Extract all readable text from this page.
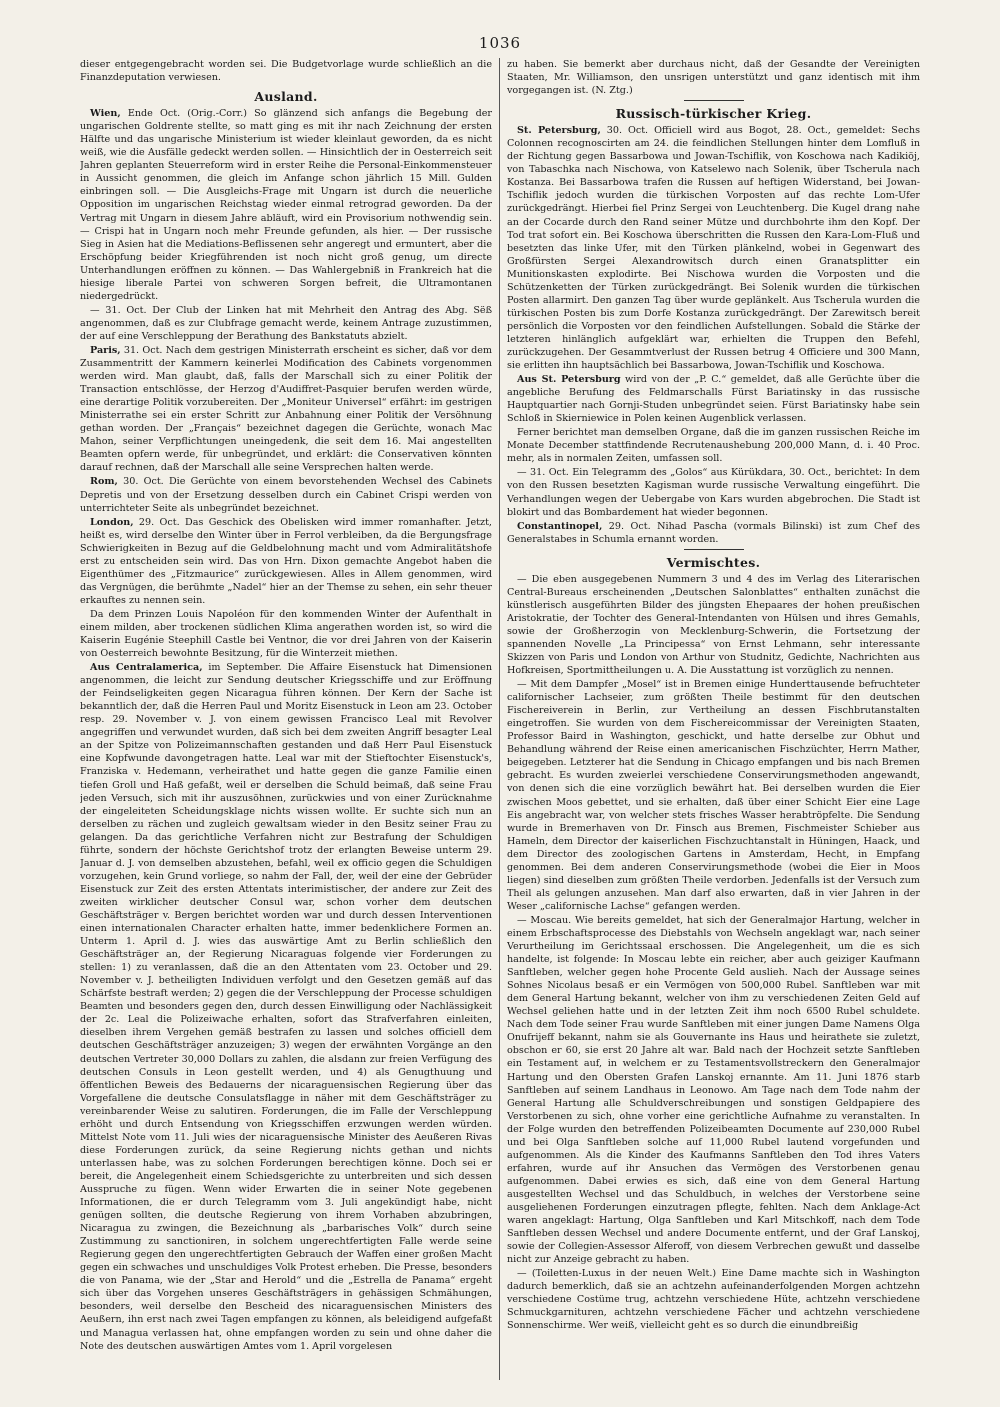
1036

dieser entgegengebracht worden sei. Die Budgetvorlage wurde schließlich an die Finanzdeputation verwiesen.

Ausland.

Wien, Ende Oct. (Orig.-Corr.) So glänzend sich anfangs die Begebung der ungarischen Goldrente stellte, so matt ging es mit ihr nach Zeichnung der ersten Hälfte und das ungarische Ministerium ist wieder kleinlaut geworden, da es nicht weiß, wie die Ausfälle gedeckt werden sollen. — Hinsichtlich der in Oesterreich seit Jahren geplanten Steuerreform wird in erster Reihe die Personal-Einkommensteuer in Aussicht genommen, die gleich im Anfange schon jährlich 15 Mill. Gulden einbringen soll. — Die Ausgleichs-Frage mit Ungarn ist durch die neuerliche Opposition im ungarischen Reichstag wieder einmal retrograd geworden. Da der Vertrag mit Ungarn in diesem Jahre abläuft, wird ein Provisorium nothwendig sein. — Crispi hat in Ungarn noch mehr Freunde gefunden, als hier. — Der russische Sieg in Asien hat die Mediations-Beflissenen sehr angeregt und ermuntert, aber die Erschöpfung beider Kriegführenden ist noch nicht groß genug, um directe Unterhandlungen eröffnen zu können. — Das Wahlergebniß in Frankreich hat die hiesige liberale Partei von schweren Sorgen befreit, die Ultramontanen niedergedrückt.

— 31. Oct. Der Club der Linken hat mit Mehrheit den Antrag des Abg. Sëß angenommen, daß es zur Clubfrage gemacht werde, keinem Antrage zuzustimmen, der auf eine Verschleppung der Berathung des Bankstatuts abzielt.

Paris, 31. Oct. Nach dem gestrigen Ministerrath erscheint es sicher, daß vor dem Zusammentritt der Kammern keinerlei Modification des Cabinets vorgenommen werden wird. Man glaubt, daß, falls der Marschall sich zu einer Politik der Transaction entschlösse, der Herzog d'Audiffret-Pasquier berufen werden würde, eine derartige Politik vorzubereiten. Der „Moniteur Universel“ erfährt: im gestrigen Ministerrathe sei ein erster Schritt zur Anbahnung einer Politik der Versöhnung gethan worden. Der „Français“ bezeichnet dagegen die Gerüchte, wonach Mac Mahon, seiner Verpflichtungen uneingedenk, die seit dem 16. Mai angestellten Beamten opfern werde, für unbegründet, und erklärt: die Conservativen könnten darauf rechnen, daß der Marschall alle seine Versprechen halten werde.

Rom, 30. Oct. Die Gerüchte von einem bevorstehenden Wechsel des Cabinets Depretis und von der Ersetzung desselben durch ein Cabinet Crispi werden von unterrichteter Seite als unbegründet bezeichnet.

London, 29. Oct. Das Geschick des Obelisken wird immer romanhafter. Jetzt, heißt es, wird derselbe den Winter über in Ferrol verbleiben, da die Bergungsfrage Schwierigkeiten in Bezug auf die Geldbelohnung macht und vom Admiralitätshofe erst zu entscheiden sein wird. Das von Hrn. Dixon gemachte Angebot haben die Eigenthümer des „Fitzmaurice“ zurückgewiesen. Alles in Allem genommen, wird das Vergnügen, die berühmte „Nadel“ hier an der Themse zu sehen, ein sehr theuer erkauftes zu nennen sein.

Da dem Prinzen Louis Napoléon für den kommenden Winter der Aufenthalt in einem milden, aber trockenen südlichen Klima angerathen worden ist, so wird die Kaiserin Eugénie Steephill Castle bei Ventnor, die vor drei Jahren von der Kaiserin von Oesterreich bewohnte Besitzung, für die Winterzeit miethen.

Aus Centralamerica, im September. Die Affaire Eisenstuck hat Dimensionen angenommen, die leicht zur Sendung deutscher Kriegsschiffe und zur Eröffnung der Feindseligkeiten gegen Nicaragua führen können. Der Kern der Sache ist bekanntlich der, daß die Herren Paul und Moritz Eisenstuck in Leon am 23. October resp. 29. November v. J. von einem gewissen Francisco Leal mit Revolver angegriffen und verwundet wurden, daß sich bei dem zweiten Angriff besagter Leal an der Spitze von Polizeimannschaften gestanden und daß Herr Paul Eisenstuck eine Kopfwunde davongetragen hatte. Leal war mit der Stieftochter Eisenstuck's, Franziska v. Hedemann, verheirathet und hatte gegen die ganze Familie einen tiefen Groll und Haß gefaßt, weil er derselben die Schuld beimaß, daß seine Frau jeden Versuch, sich mit ihr auszusöhnen, zurückwies und von einer Zurücknahme der eingeleiteten Scheidungsklage nichts wissen wollte. Er suchte sich nun an derselben zu rächen und zugleich gewaltsam wieder in den Besitz seiner Frau zu gelangen. Da das gerichtliche Verfahren nicht zur Bestrafung der Schuldigen führte, sondern der höchste Gerichtshof trotz der erlangten Beweise unterm 29. Januar d. J. von demselben abzustehen, befahl, weil ex officio gegen die Schuldigen vorzugehen, kein Grund vorliege, so nahm der Fall, der, weil der eine der Gebrüder Eisenstuck zur Zeit des ersten Attentats interimistischer, der andere zur Zeit des zweiten wirklicher deutscher Consul war, schon vorher dem deutschen Geschäftsträger v. Bergen berichtet worden war und durch dessen Interventionen einen internationalen Character erhalten hatte, immer bedenklichere Formen an. Unterm 1. April d. J. wies das auswärtige Amt zu Berlin schließlich den Geschäftsträger an, der Regierung Nicaraguas folgende vier Forderungen zu stellen: 1) zu veranlassen, daß die an den Attentaten vom 23. October und 29. November v. J. betheiligten Individuen verfolgt und den Gesetzen gemäß auf das Schärfste bestraft werden; 2) gegen die der Verschleppung der Processe schuldigen Beamten und besonders gegen den, durch dessen Einwilligung oder Nachlässigkeit der 2c. Leal die Polizeiwache erhalten, sofort das Strafverfahren einleiten, dieselben ihrem Vergehen gemäß bestrafen zu lassen und solches officiell dem deutschen Geschäftsträger anzuzeigen; 3) wegen der erwähnten Vorgänge an den deutschen Vertreter 30,000 Dollars zu zahlen, die alsdann zur freien Verfügung des deutschen Consuls in Leon gestellt werden, und 4) als Genugthuung und öffentlichen Beweis des Bedauerns der nicaraguensischen Regierung über das Vorgefallene die deutsche Consulatsflagge in näher mit dem Geschäftsträger zu vereinbarender Weise zu salutiren. Forderungen, die im Falle der Verschleppung erhöht und durch Entsendung von Kriegsschiffen erzwungen werden würden. Mittelst Note vom 11. Juli wies der nicaraguensische Minister des Aeußeren Rivas diese Forderungen zurück, da seine Regierung nichts gethan und nichts unterlassen habe, was zu solchen Forderungen berechtigen könne. Doch sei er bereit, die Angelegenheit einem Schiedsgerichte zu unterbreiten und sich dessen Ausspruche zu fügen. Wenn wider Erwarten die in seiner Note gegebenen Informationen, die er durch Telegramm vom 3. Juli angekündigt habe, nicht genügen sollten, die deutsche Regierung von ihrem Vorhaben abzubringen, Nicaragua zu zwingen, die Bezeichnung als „barbarisches Volk“ durch seine Zustimmung zu sanctioniren, in solchem ungerechtfertigten Falle werde seine Regierung gegen den ungerechtfertigten Gebrauch der Waffen einer großen Macht gegen ein schwaches und unschuldiges Volk Protest erheben. Die Presse, besonders die von Panama, wie der „Star and Herold“ und die „Estrella de Panama“ ergeht sich über das Vorgehen unseres Geschäftsträgers in gehässigen Schmähungen, besonders, weil derselbe den Bescheid des nicaraguensischen Ministers des Aeußern, ihn erst nach zwei Tagen empfangen zu können, als beleidigend aufgefaßt und Managua verlassen hat, ohne empfangen worden zu sein und ohne daher die Note des deutschen auswärtigen Amtes vom 1. April vorgelesen

zu haben. Sie bemerkt aber durchaus nicht, daß der Gesandte der Vereinigten Staaten, Mr. Williamson, den unsrigen unterstützt und ganz identisch mit ihm vorgegangen ist. (N. Ztg.)

Russisch-türkischer Krieg.

St. Petersburg, 30. Oct. Officiell wird aus Bogot, 28. Oct., gemeldet: Sechs Colonnen recognoscirten am 24. die feindlichen Stellungen hinter dem Lomfluß in der Richtung gegen Bassarbowa und Jowan-Tschiflik, von Koschowa nach Kadikiöj, von Tabaschka nach Nischowa, von Katselewo nach Solenik, über Tscherula nach Kostanza. Bei Bassarbowa trafen die Russen auf heftigen Widerstand, bei Jowan-Tschiflik jedoch wurden die türkischen Vorposten auf das rechte Lom-Ufer zurückgedrängt. Hierbei fiel Prinz Sergei von Leuchtenberg. Die Kugel drang nahe an der Cocarde durch den Rand seiner Mütze und durchbohrte ihm den Kopf. Der Tod trat sofort ein. Bei Koschowa überschritten die Russen den Kara-Lom-Fluß und besetzten das linke Ufer, mit den Türken plänkelnd, wobei in Gegenwart des Großfürsten Sergei Alexandrowitsch durch einen Granatsplitter ein Munitionskasten explodirte. Bei Nischowa wurden die Vorposten und die Schützenketten der Türken zurückgedrängt. Bei Solenik wurden die türkischen Posten allarmirt. Den ganzen Tag über wurde geplänkelt. Aus Tscherula wurden die türkischen Posten bis zum Dorfe Kostanza zurückgedrängt. Der Zarewitsch bereit persönlich die Vorposten vor den feindlichen Aufstellungen. Sobald die Stärke der letzteren hinlänglich aufgeklärt war, erhielten die Truppen den Befehl, zurückzugehen. Der Gesammtverlust der Russen betrug 4 Officiere und 300 Mann, sie erlitten ihn hauptsächlich bei Bassarbowa, Jowan-Tschiflik und Koschowa.

Aus St. Petersburg wird von der „P. C.“ gemeldet, daß alle Gerüchte über die angebliche Berufung des Feldmarschalls Fürst Bariatinsky in das russische Hauptquartier nach Gornji-Studen unbegründet seien. Fürst Bariatinsky habe sein Schloß in Skierniewice in Polen keinen Augenblick verlassen.

Ferner berichtet man demselben Organe, daß die im ganzen russischen Reiche im Monate December stattfindende Recrutenaushebung 200,000 Mann, d. i. 40 Proc. mehr, als in normalen Zeiten, umfassen soll.

— 31. Oct. Ein Telegramm des „Golos“ aus Kürükdara, 30. Oct., berichtet: In dem von den Russen besetzten Kagisman wurde russische Verwaltung eingeführt. Die Verhandlungen wegen der Uebergabe von Kars wurden abgebrochen. Die Stadt ist blokirt und das Bombardement hat wieder begonnen.

Constantinopel, 29. Oct. Nihad Pascha (vormals Bilinski) ist zum Chef des Generalstabes in Schumla ernannt worden.

Vermischtes.

— Die eben ausgegebenen Nummern 3 und 4 des im Verlag des Literarischen Central-Bureaus erscheinenden „Deutschen Salonblattes“ enthalten zunächst die künstlerisch ausgeführten Bilder des jüngsten Ehepaares der hohen preußischen Aristokratie, der Tochter des General-Intendanten von Hülsen und ihres Gemahls, sowie der Großherzogin von Mecklenburg-Schwerin, die Fortsetzung der spannenden Novelle „La Principessa“ von Ernst Lehmann, sehr interessante Skizzen von Paris und London von Arthur von Studnitz, Gedichte, Nachrichten aus Hofkreisen, Sportmittheilungen u. A. Die Ausstattung ist vorzüglich zu nennen.

— Mit dem Dampfer „Mosel“ ist in Bremen einige Hunderttausende befruchteter californischer Lachseier, zum größten Theile bestimmt für den deutschen Fischereiverein in Berlin, zur Vertheilung an dessen Fischbrutanstalten eingetroffen. Sie wurden von dem Fischereicommissar der Vereinigten Staaten, Professor Baird in Washington, geschickt, und hatte derselbe zur Obhut und Behandlung während der Reise einen americanischen Fischzüchter, Herrn Mather, beigegeben. Letzterer hat die Sendung in Chicago empfangen und bis nach Bremen gebracht. Es wurden zweierlei verschiedene Conservirungsmethoden angewandt, von denen sich die eine vorzüglich bewährt hat. Bei derselben wurden die Eier zwischen Moos gebettet, und sie erhalten, daß über einer Schicht Eier eine Lage Eis angebracht war, von welcher stets frisches Wasser herabtröpfelte. Die Sendung wurde in Bremerhaven von Dr. Finsch aus Bremen, Fischmeister Schieber aus Hameln, dem Director der kaiserlichen Fischzuchtanstalt in Hüningen, Haack, und dem Director des zoologischen Gartens in Amsterdam, Hecht, in Empfang genommen. Bei dem anderen Conservirungsmethode (wobei die Eier in Moos liegen) sind dieselben zum größten Theile verdorben. Jedenfalls ist der Versuch zum Theil als gelungen anzusehen. Man darf also erwarten, daß in vier Jahren in der Weser „californische Lachse“ gefangen werden.

— Moscau. Wie bereits gemeldet, hat sich der Generalmajor Hartung, welcher in einem Erbschaftsprocesse des Diebstahls von Wechseln angeklagt war, nach seiner Verurtheilung im Gerichtssaal erschossen. Die Angelegenheit, um die es sich handelte, ist folgende: In Moscau lebte ein reicher, aber auch geiziger Kaufmann Sanftleben, welcher gegen hohe Procente Geld auslieh. Nach der Aussage seines Sohnes Nicolaus besaß er ein Vermögen von 500,000 Rubel. Sanftleben war mit dem General Hartung bekannt, welcher von ihm zu verschiedenen Zeiten Geld auf Wechsel geliehen hatte und in der letzten Zeit ihm noch 6500 Rubel schuldete. Nach dem Tode seiner Frau wurde Sanftleben mit einer jungen Dame Namens Olga Onufrijeff bekannt, nahm sie als Gouvernante ins Haus und heirathete sie zuletzt, obschon er 60, sie erst 20 Jahre alt war. Bald nach der Hochzeit setzte Sanftleben ein Testament auf, in welchem er zu Testamentsvollstreckern den Generalmajor Hartung und den Obersten Grafen Lanskoj ernannte. Am 11. Juni 1876 starb Sanftleben auf seinem Landhaus in Leonowo. Am Tage nach dem Tode nahm der General Hartung alle Schuldverschreibungen und sonstigen Geldpapiere des Verstorbenen zu sich, ohne vorher eine gerichtliche Aufnahme zu veranstalten. In der Folge wurden den betreffenden Polizeibeamten Documente auf 230,000 Rubel und bei Olga Sanftleben solche auf 11,000 Rubel lautend vorgefunden und aufgenommen. Als die Kinder des Kaufmanns Sanftleben den Tod ihres Vaters erfahren, wurde auf ihr Ansuchen das Vermögen des Verstorbenen genau aufgenommen. Dabei erwies es sich, daß eine von dem General Hartung ausgestellten Wechsel und das Schuldbuch, in welches der Verstorbene seine ausgeliehenen Forderungen einzutragen pflegte, fehlten. Nach dem Anklage-Act waren angeklagt: Hartung, Olga Sanftleben und Karl Mitschkoff, nach dem Tode Sanftleben dessen Wechsel und andere Documente entfernt, und der Graf Lanskoj, sowie der Collegien-Assessor Alferoff, von diesem Verbrechen gewußt und dasselbe nicht zur Anzeige gebracht zu haben.

— (Toiletten-Luxus in der neuen Welt.) Eine Dame machte sich in Washington dadurch bemerklich, daß sie an achtzehn aufeinanderfolgenden Morgen achtzehn verschiedene Costüme trug, achtzehn verschiedene Hüte, achtzehn verschiedene Schmuckgarnituren, achtzehn verschiedene Fächer und achtzehn verschiedene Sonnenschirme. Wer weiß, vielleicht geht es so durch die einundbreißig
